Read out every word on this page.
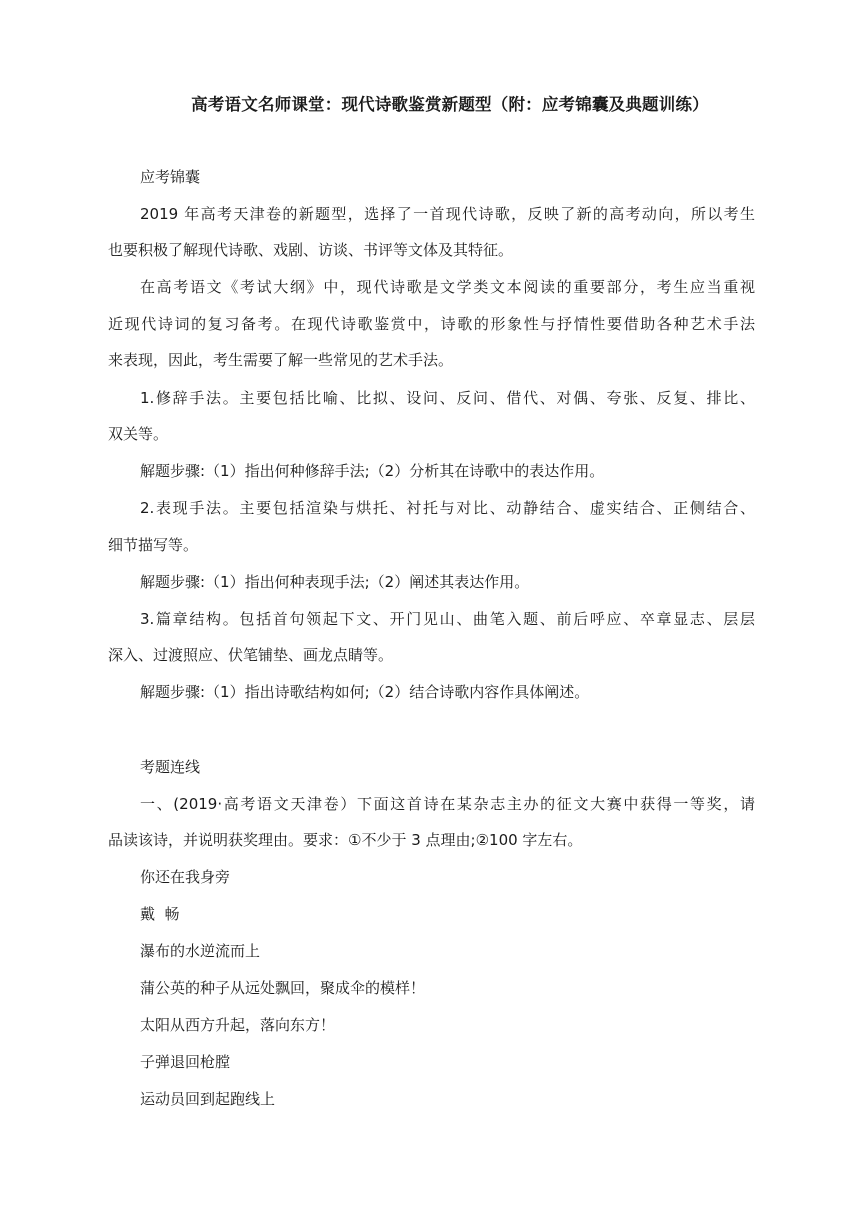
高考语文名师课堂：现代诗歌鉴赏新题型（附：应考锦囊及典题训练）
应考锦囊
2019 年高考天津卷的新题型，选择了一首现代诗歌，反映了新的高考动向，所以考生
也要积极了解现代诗歌、戏剧、访谈、书评等文体及其特征。
在高考语文《考试大纲》中，现代诗歌是文学类文本阅读的重要部分，考生应当重视
近现代诗词的复习备考。在现代诗歌鉴赏中，诗歌的形象性与抒情性要借助各种艺术手法
来表现，因此，考生需要了解一些常见的艺术手法。
1.修辞手法。主要包括比喻、比拟、设问、反问、借代、对偶、夸张、反复、排比、
双关等。
解题步骤:（1）指出何种修辞手法;（2）分析其在诗歌中的表达作用。
2.表现手法。主要包括渲染与烘托、衬托与对比、动静结合、虚实结合、正侧结合、
细节描写等。
解题步骤:（1）指出何种表现手法;（2）阐述其表达作用。
3.篇章结构。包括首句领起下文、开门见山、曲笔入题、前后呼应、卒章显志、层层
深入、过渡照应、伏笔铺垫、画龙点睛等。
解题步骤:（1）指出诗歌结构如何;（2）结合诗歌内容作具体阐述。
考题连线
一、(2019·高考语文天津卷）下面这首诗在某杂志主办的征文大赛中获得一等奖，请
品读该诗，并说明获奖理由。要求：①不少于 3 点理由;②100 字左右。
你还在我身旁
戴  畅
瀑布的水逆流而上
蒲公英的种子从远处飘回，聚成伞的模样！
太阳从西方升起，落向东方！
子弹退回枪膛
运动员回到起跑线上
